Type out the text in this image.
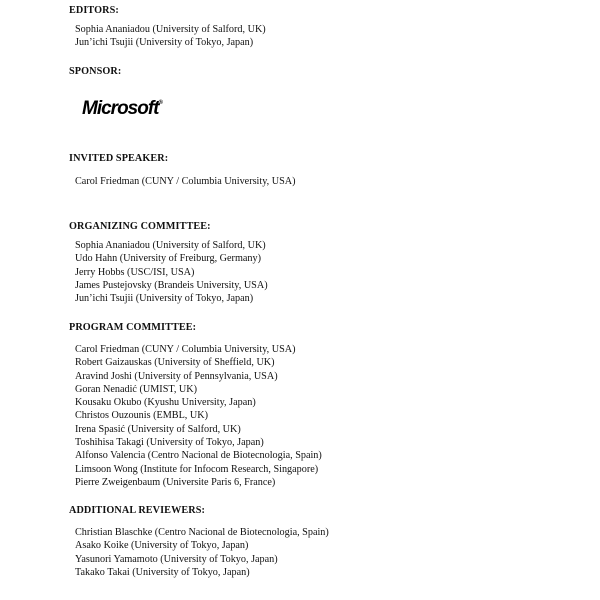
EDITORS:

Sophia Ananiadou (University of Salford, UK)
Jun’ichi Tsujii (University of Tokyo, Japan)

SPONSOR:

Microsoft®

INVITED SPEAKER:

Carol Friedman (CUNY / Columbia University, USA)

ORGANIZING COMMITTEE:

Sophia Ananiadou (University of Salford, UK)
Udo Hahn (University of Freiburg, Germany)
Jerry Hobbs (USC/ISI, USA)
James Pustejovsky (Brandeis University, USA)
Jun’ichi Tsujii (University of Tokyo, Japan)

PROGRAM COMMITTEE:

Carol Friedman (CUNY / Columbia University, USA)
Robert Gaizauskas (University of Sheffield, UK)
Aravind Joshi (University of Pennsylvania, USA)
Goran Nenadić (UMIST, UK)
Kousaku Okubo (Kyushu University, Japan)
Christos Ouzounis (EMBL, UK)
Irena Spasić (University of Salford, UK)
Toshihisa Takagi (University of Tokyo, Japan)
Alfonso Valencia (Centro Nacional de Biotecnologia, Spain)
Limsoon Wong (Institute for Infocom Research, Singapore)
Pierre Zweigenbaum (Universite Paris 6, France)

ADDITIONAL REVIEWERS:

Christian Blaschke (Centro Nacional de Biotecnologia, Spain)
Asako Koike (University of Tokyo, Japan)
Yasunori Yamamoto (University of Tokyo, Japan)
Takako Takai (University of Tokyo, Japan)
